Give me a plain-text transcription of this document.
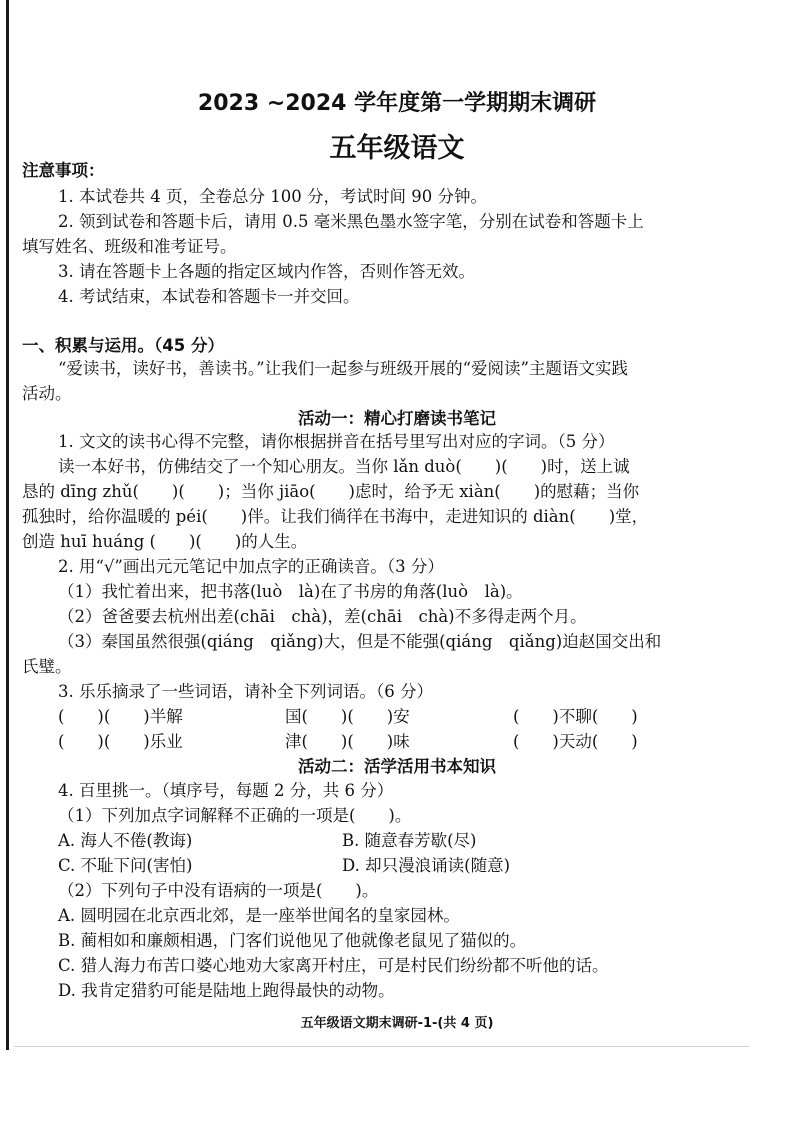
2023 ~2024 学年度第一学期期末调研
五年级语文
注意事项：
1. 本试卷共 4 页，全卷总分 100 分，考试时间 90 分钟。
2. 领到试卷和答题卡后，请用 0.5 毫米黑色墨水签字笔，分别在试卷和答题卡上
填写姓名、班级和准考证号。
3. 请在答题卡上各题的指定区域内作答，否则作答无效。
4. 考试结束，本试卷和答题卡一并交回。
一、积累与运用。（45 分）
“爱读书，读好书，善读书。”让我们一起参与班级开展的“爱阅读”主题语文实践
活动。
活动一：精心打磨读书笔记
1. 文文的读书心得不完整，请你根据拼音在括号里写出对应的字词。（5 分）
读一本好书，仿佛结交了一个知心朋友。当你 lǎn duò(　　)(　　)时，送上诚
恳的 dīng zhǔ(　　)(　　)；当你 jiāo(　　)虑时，给予无 xiàn(　　)的慰藉；当你
孤独时，给你温暖的 péi(　　)伴。让我们徜徉在书海中，走进知识的 diàn(　　)堂，
创造 huī huáng (　　)(　　)的人生。
2. 用“√”画出元元笔记中加点字的正确读音。（3 分）
（1）我忙着出来，把书落(luò　là)在了书房的角落(luò　là)。
（2）爸爸要去杭州出差(chāi　chà)，差(chāi　chà)不多得走两个月。
（3）秦国虽然很强(qiáng　qiǎng)大，但是不能强(qiáng　qiǎng)迫赵国交出和
氏璧。
3. 乐乐摘录了一些词语，请补全下列词语。（6 分）
(　　)(　　)半解	国(　　)(　　)安	(　　)不聊(　　)
(　　)(　　)乐业	津(　　)(　　)味	(　　)天动(　　)
活动二：活学活用书本知识
4. 百里挑一。（填序号，每题 2 分，共 6 分）
（1）下列加点字词解释不正确的一项是(　　)。
A. 海人不倦(教诲)	B. 随意春芳歇(尽)
C. 不耻下问(害怕)	D. 却只漫浪诵读(随意)
（2）下列句子中没有语病的一项是(　　)。
A. 圆明园在北京西北郊，是一座举世闻名的皇家园林。
B. 蔺相如和廉颇相遇，门客们说他见了他就像老鼠见了猫似的。
C. 猎人海力布苦口婆心地劝大家离开村庄，可是村民们纷纷都不听他的话。
D. 我肯定猎豹可能是陆地上跑得最快的动物。
五年级语文期末调研-1-(共 4 页)
